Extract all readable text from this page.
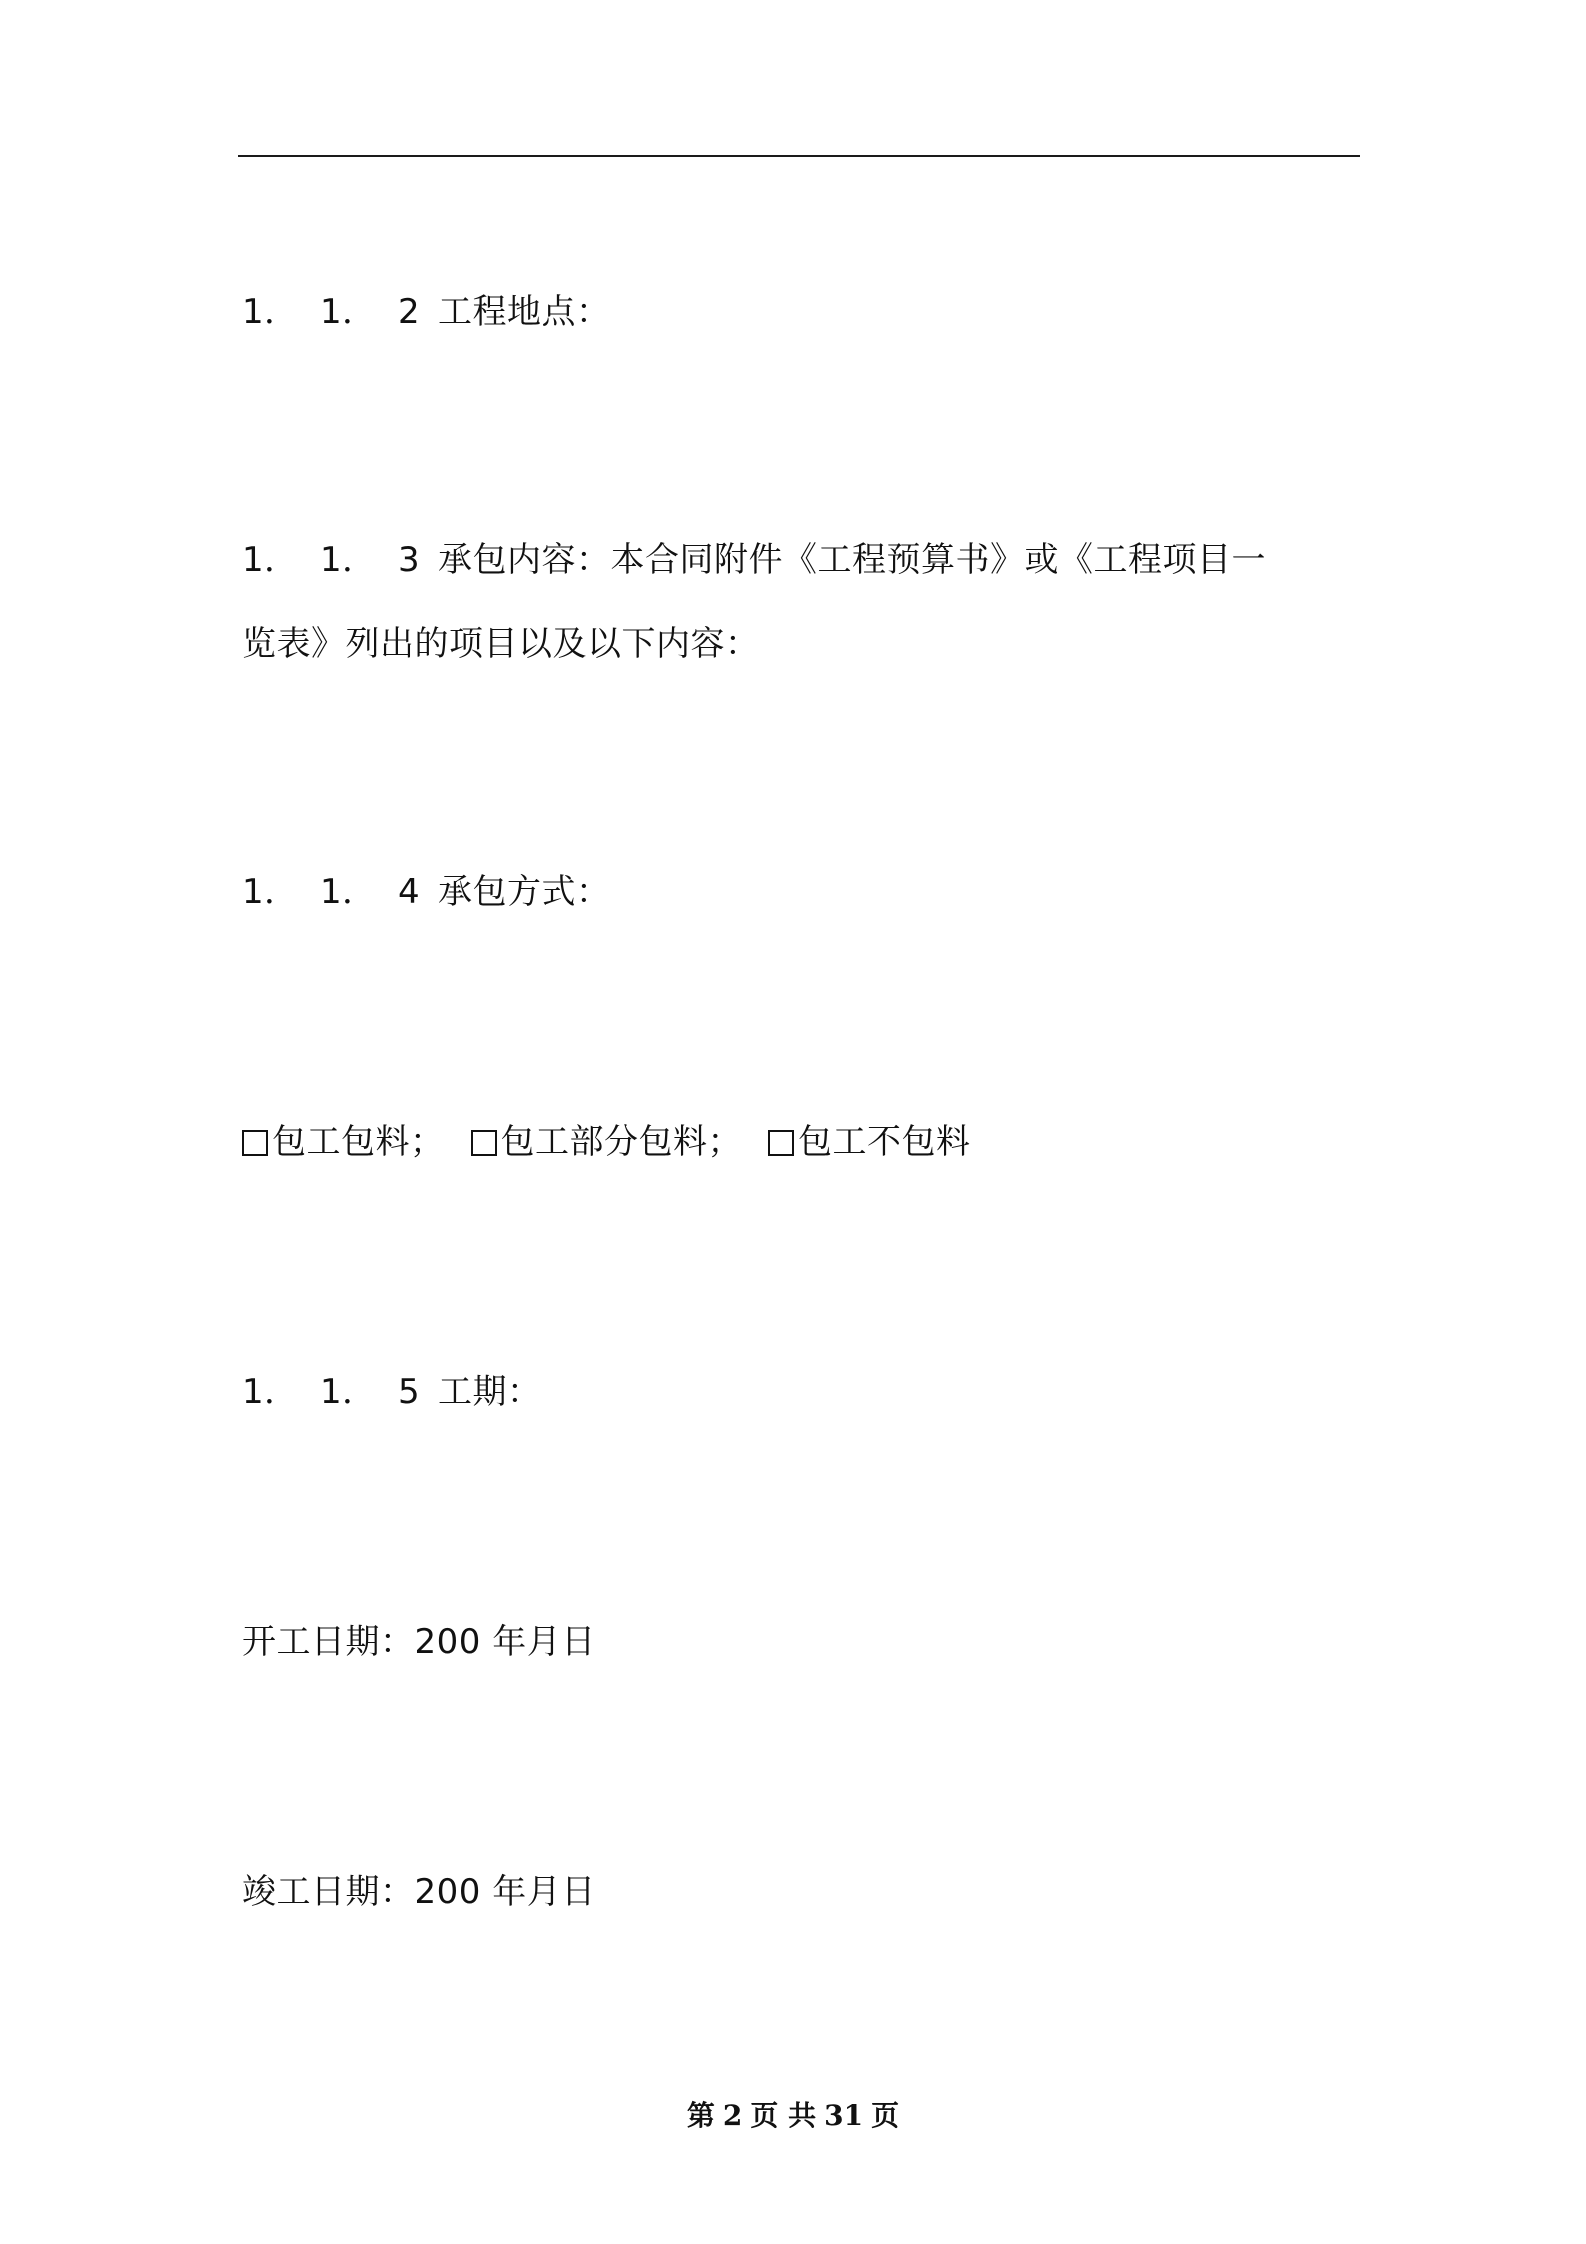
1． 1． 2 工程地点：
1． 1． 3 承包内容：本合同附件《工程预算书》或《工程项目一
览表》列出的项目以及以下内容：
1． 1． 4 承包方式：
包工包料； 包工部分包料； 包工不包料
1． 1． 5 工期：
开工日期：200 年月日
竣工日期：200 年月日
第 2 页 共 31 页
